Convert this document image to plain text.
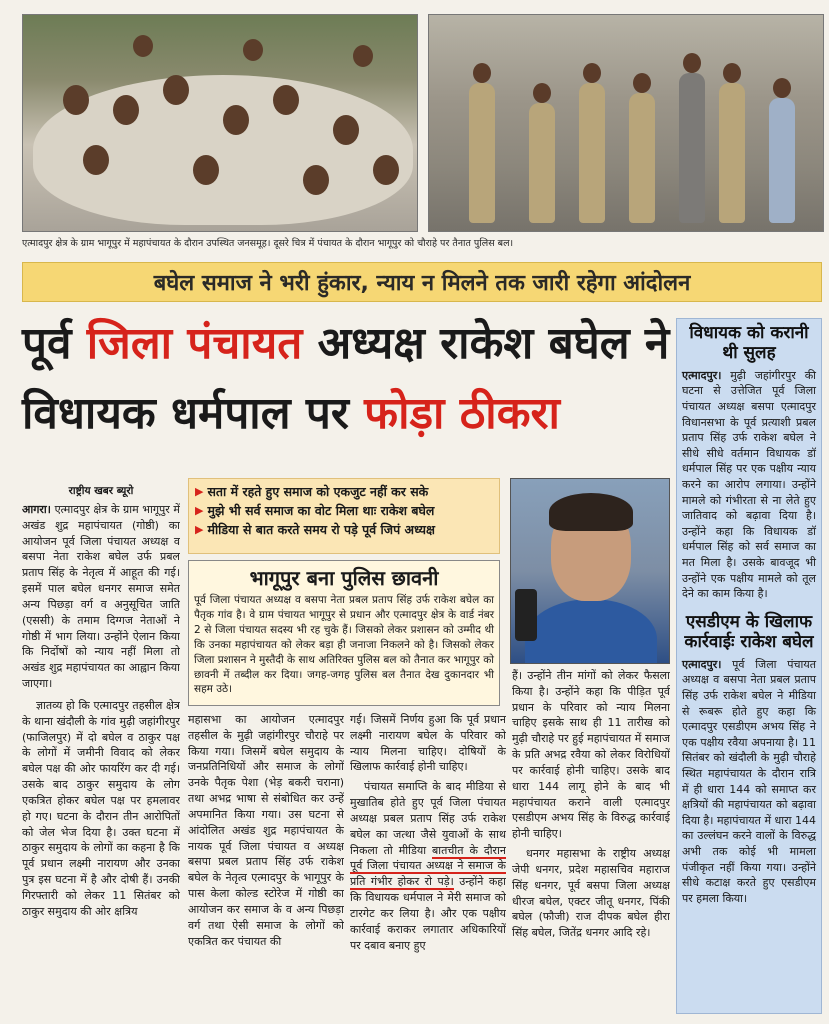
एत्मादपुर क्षेत्र के ग्राम भागूपुर में महापंचायत के दौरान उपस्थित जनसमूह। दूसरे चित्र में पंचायत के दौरान भागूपुर को चौराहे पर तैनात पुलिस बल।
बघेल समाज ने भरी हुंकार, न्याय न मिलने तक जारी रहेगा आंदोलन
पूर्व जिला पंचायत अध्यक्ष राकेश बघेल ने
विधायक धर्मपाल पर फोड़ा ठीकरा
विधायक को करानी थी सुलह
एत्मादपुर। मुढ़ी जहांगीरपुर की घटना से उत्तेजित पूर्व जिला पंचायत अध्यक्ष बसपा एत्मादपुर विधानसभा के पूर्व प्रत्याशी प्रबल प्रताप सिंह उर्फ राकेश बघेल ने सीधे सीधे वर्तमान विधायक डॉ धर्मपाल सिंह पर एक पक्षीय न्याय करने का आरोप लगाया। उन्होंने मामले को गंभीरता से ना लेते हुए जातिवाद को बढ़ावा दिया है। उन्होंने कहा कि विधायक डॉ धर्मपाल सिंह को सर्व समाज का मत मिला है। उसके बावजूद भी उन्होंने एक पक्षीय मामले को तूल देने का काम किया है।
एसडीएम के खिलाफ कार्रवाईः राकेश बघेल
एत्मादपुर। पूर्व जिला पंचायत अध्यक्ष व बसपा नेता प्रबल प्रताप सिंह उर्फ राकेश बघेल ने मीडिया से रूबरू होते हुए कहा कि एत्मादपुर एसडीएम अभय सिंह ने एक पक्षीय रवैया अपनाया है। 11 सितंबर को खंदौली के मुढ़ी चौराहे स्थित महापंचायत के दौरान रात्रि में ही धारा 144 को समाप्त कर क्षत्रियों की महापंचायत को बढ़ावा दिया है। महापंचायत में धारा 144 का उल्लंघन करने वालों के विरुद्ध अभी तक कोई भी मामला पंजीकृत नहीं किया गया। उन्होंने सीधे कटाक्ष करते हुए एसडीएम पर हमला किया।
राष्ट्रीय खबर ब्यूरो

आगरा। एत्मादपुर क्षेत्र के ग्राम भागूपुर में अखंड शुद्र महापंचायत (गोष्ठी) का आयोजन पूर्व जिला पंचायत अध्यक्ष व बसपा नेता राकेश बघेल उर्फ प्रबल प्रताप सिंह के नेतृत्व में आहूत की गई। इसमें पाल बघेल धनगर समाज समेत अन्य पिछड़ा वर्ग व अनुसूचित जाति (एससी) के तमाम दिग्गज नेताओं ने गोष्ठी में भाग लिया। उन्होंने ऐलान किया कि निर्दोषों को न्याय नहीं मिला तो अखंड शुद्र महापंचायत का आह्वान किया जाएगा।

ज्ञातव्य हो कि एत्मादपुर तहसील क्षेत्र के थाना खंदौली के गांव मुढ़ी जहांगीरपुर (फाजिलपुर) में दो बघेल व ठाकुर पक्ष के लोगों में जमीनी विवाद को लेकर बघेल पक्ष की ओर फायरिंग कर दी गई। उसके बाद ठाकुर समुदाय के लोग एकत्रित होकर बघेल पक्ष पर हमलावर हो गए। घटना के दौरान तीन आरोपितों को जेल भेज दिया है। उक्त घटना में ठाकुर समुदाय के लोगों का कहना है कि पूर्व प्रधान लक्ष्मी नारायण और उनका पुत्र इस घटना में है और दोषी हैं। उनकी गिरफ्तारी को लेकर 11 सितंबर को ठाकुर समुदाय की ओर क्षत्रिय

▶ सता में रहते हुए समाज को एकजुट नहीं कर सके
▶ मुझे भी सर्व समाज का वोट मिला थाः राकेश बघेल
▶ मीडिया से बात करते समय रो पड़े पूर्व जिपं अध्यक्ष
भागूपुर बना पुलिस छावनी
पूर्व जिला पंचायत अध्यक्ष व बसपा नेता प्रबल प्रताप सिंह उर्फ राकेश बघेल का पैतृक गांव है। वे ग्राम पंचायत भागूपुर से प्रधान और एत्मादपुर क्षेत्र के वार्ड नंबर 2 से जिला पंचायत सदस्य भी रह चुके हैं। जिसको लेकर प्रशासन को उम्मीद थी कि उनका महापंचायत को लेकर बड़ा ही जनाजा निकलने को है। जिसको लेकर जिला प्रशासन ने मुस्तैदी के साथ अतिरिक्त पुलिस बल को तैनात कर भागूपुर को छावनी में तब्दील कर दिया। जगह-जगह पुलिस बल तैनात देख दुकानदार भी सहम उठे।
महासभा का आयोजन एत्मादपुर तहसील के मुढ़ी जहांगीरपुर चौराहे पर किया गया। जिसमें बघेल समुदाय के जनप्रतिनिधियों और समाज के लोगों उनके पैतृक पेशा (भेड़ बकरी चराना) तथा अभद्र भाषा से संबोधित कर उन्हें अपमानित किया गया। उस घटना से आंदोलित अखंड शुद्र महापंचायत के नायक पूर्व जिला पंचायत व अध्यक्ष बसपा प्रबल प्रताप सिंह उर्फ राकेश बघेल के नेतृत्व एत्मादपुर के भागूपुर के पास केला कोल्ड स्टोरेज में गोष्ठी का आयोजन कर समाज के व अन्य पिछड़ा वर्ग तथा ऐसी समाज के लोगों को एकत्रित कर पंचायत की

गई। जिसमें निर्णय हुआ कि पूर्व प्रधान लक्ष्मी नारायण बघेल के परिवार को न्याय मिलना चाहिए। दोषियों के खिलाफ कार्रवाई होनी चाहिए।

पंचायत समाप्ति के बाद मीडिया से मुखातिब होते हुए पूर्व जिला पंचायत अध्यक्ष प्रबल प्रताप सिंह उर्फ राकेश बघेल का जत्था जैसे युवाओं के साथ निकला तो मीडिया बातचीत के दौरान पूर्व जिला पंचायत अध्यक्ष ने समाज के प्रति गंभीर होकर रो पड़े। उन्होंने कहा कि विधायक धर्मपाल ने मेरी समाज को टारगेट कर लिया है। और एक पक्षीय कार्रवाई कराकर लगातार अधिकारियों पर दबाव बनाए हुए

हैं। उन्होंने तीन मांगों को लेकर फैसला किया है। उन्होंने कहा कि पीड़ित पूर्व प्रधान के परिवार को न्याय मिलना चाहिए इसके साथ ही 11 तारीख को मुढ़ी चौराहे पर हुई महापंचायत में समाज के प्रति अभद्र रवैया को लेकर विरोधियों पर कार्रवाई होनी चाहिए। उसके बाद धारा 144 लागू होने के बाद भी महापंचायत कराने वाली एत्मादपुर एसडीएम अभय सिंह के विरुद्ध कार्रवाई होनी चाहिए।

धनगर महासभा के राष्ट्रीय अध्यक्ष जेपी धनगर, प्रदेश महासचिव महाराज सिंह धनगर, पूर्व बसपा जिला अध्यक्ष धीरज बघेल, एक्टर जीतू धनगर, पिंकी बघेल (फौजी) राज दीपक बघेल हीरा सिंह बघेल, जितेंद्र धनगर आदि रहे।
